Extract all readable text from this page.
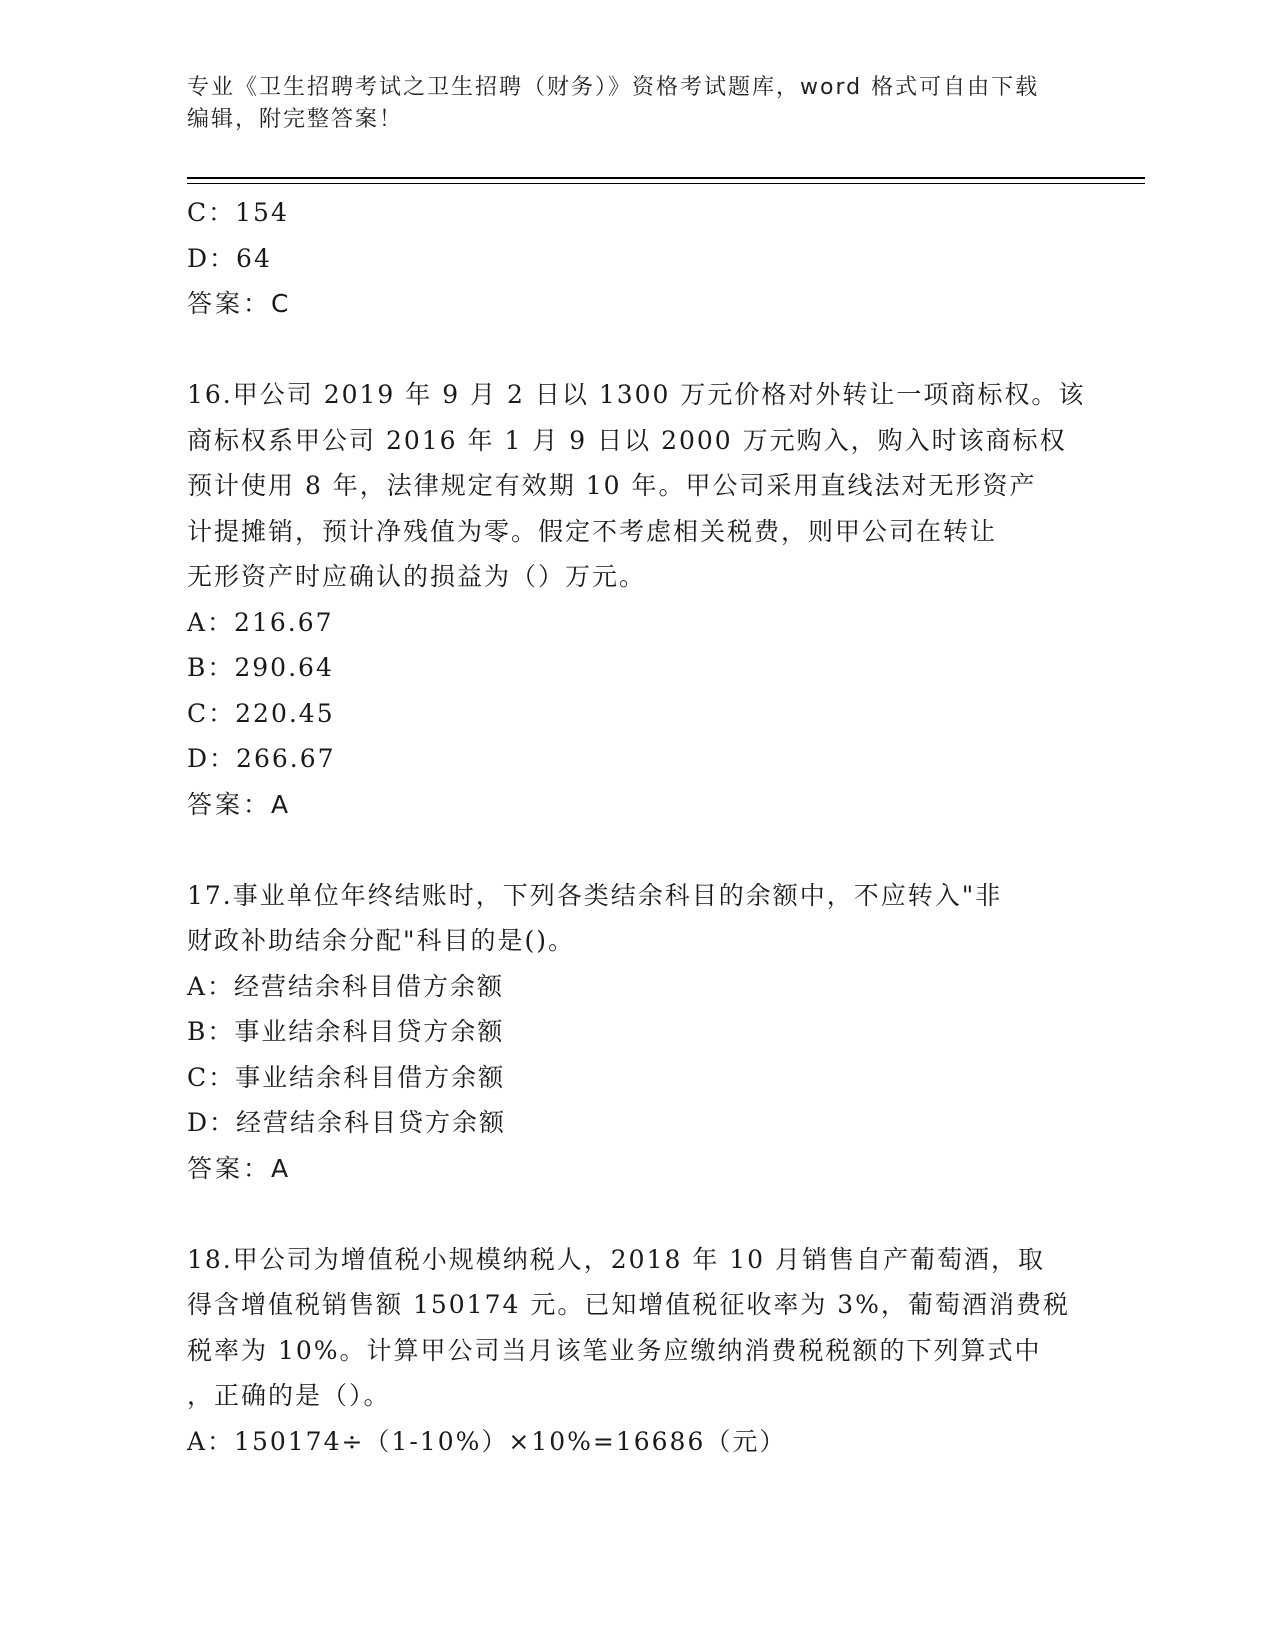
专业《卫生招聘考试之卫生招聘（财务）》资格考试题库，word 格式可自由下载
编辑，附完整答案！
C：154
D：64
答案：C
16.甲公司 2019 年 9 月 2 日以 1300 万元价格对外转让一项商标权。该
商标权系甲公司 2016 年 1 月 9 日以 2000 万元购入，购入时该商标权
预计使用 8 年，法律规定有效期 10 年。甲公司采用直线法对无形资产
计提摊销，预计净残值为零。假定不考虑相关税费，则甲公司在转让
无形资产时应确认的损益为（）万元。
A：216.67
B：290.64
C：220.45
D：266.67
答案：A
17.事业单位年终结账时，下列各类结余科目的余额中，不应转入"非
财政补助结余分配"科目的是()。
A：经营结余科目借方余额
B：事业结余科目贷方余额
C：事业结余科目借方余额
D：经营结余科目贷方余额
答案：A
18.甲公司为增值税小规模纳税人，2018 年 10 月销售自产葡萄酒，取
得含增值税销售额 150174 元。已知增值税征收率为 3%，葡萄酒消费税
税率为 10%。计算甲公司当月该笔业务应缴纳消费税税额的下列算式中
，正确的是（）。
A：150174÷（1-10%）×10%=16686（元）
